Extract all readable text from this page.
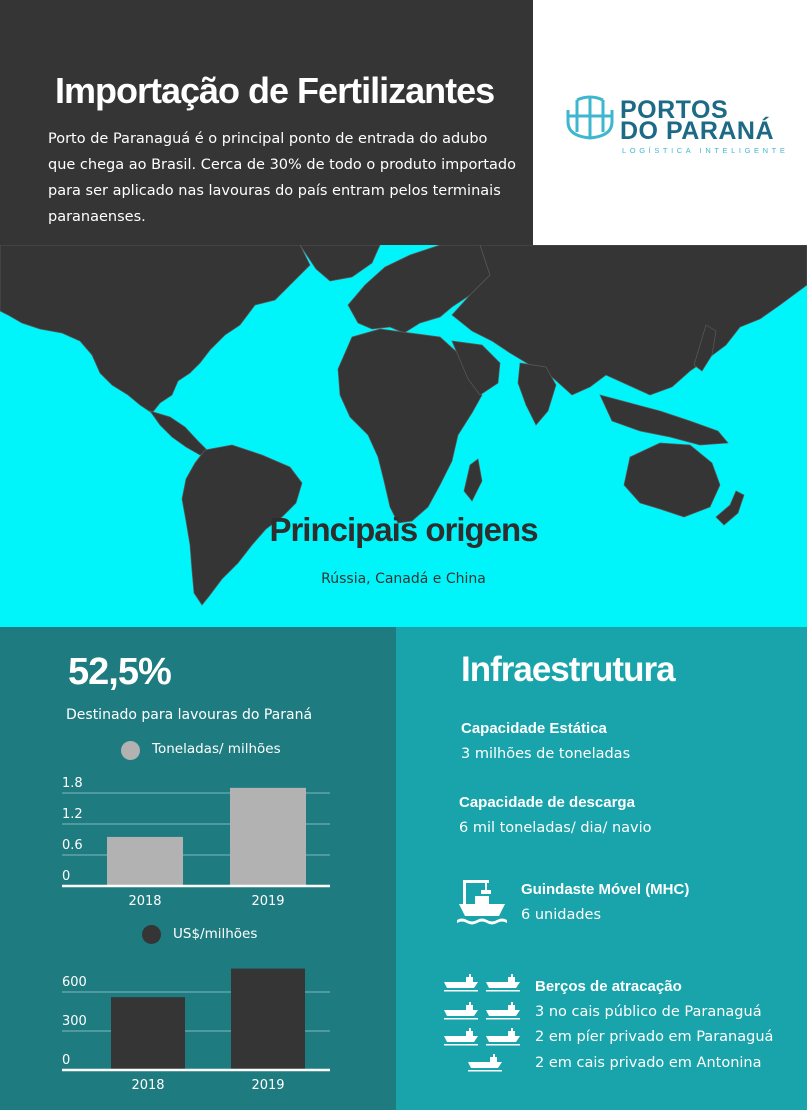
Importação de Fertilizantes

Porto de Paranaguá é o principal ponto de entrada do adubo que chega ao Brasil. Cerca de 30% de todo o produto importado para ser aplicado nas lavouras do país entram pelos terminais paranaenses.

PORTOS
DO PARANÁ
LOGÍSTICA INTELIGENTE
Principais origens
Rússia, Canadá e China
52,5%
Destinado para lavouras do Paraná
Toneladas/ milhões
0
0.6
1.2
1.8
2018	2019
US$/milhões
0
300
600
2018	2019
Infraestrutura
Capacidade Estática
3 milhões de toneladas
Capacidade de descarga
6 mil toneladas/ dia/ navio
Guindaste Móvel (MHC)
6 unidades
Berços de atracação
3 no cais público de Paranaguá
2 em píer privado em Paranaguá
2 em cais privado em Antonina
